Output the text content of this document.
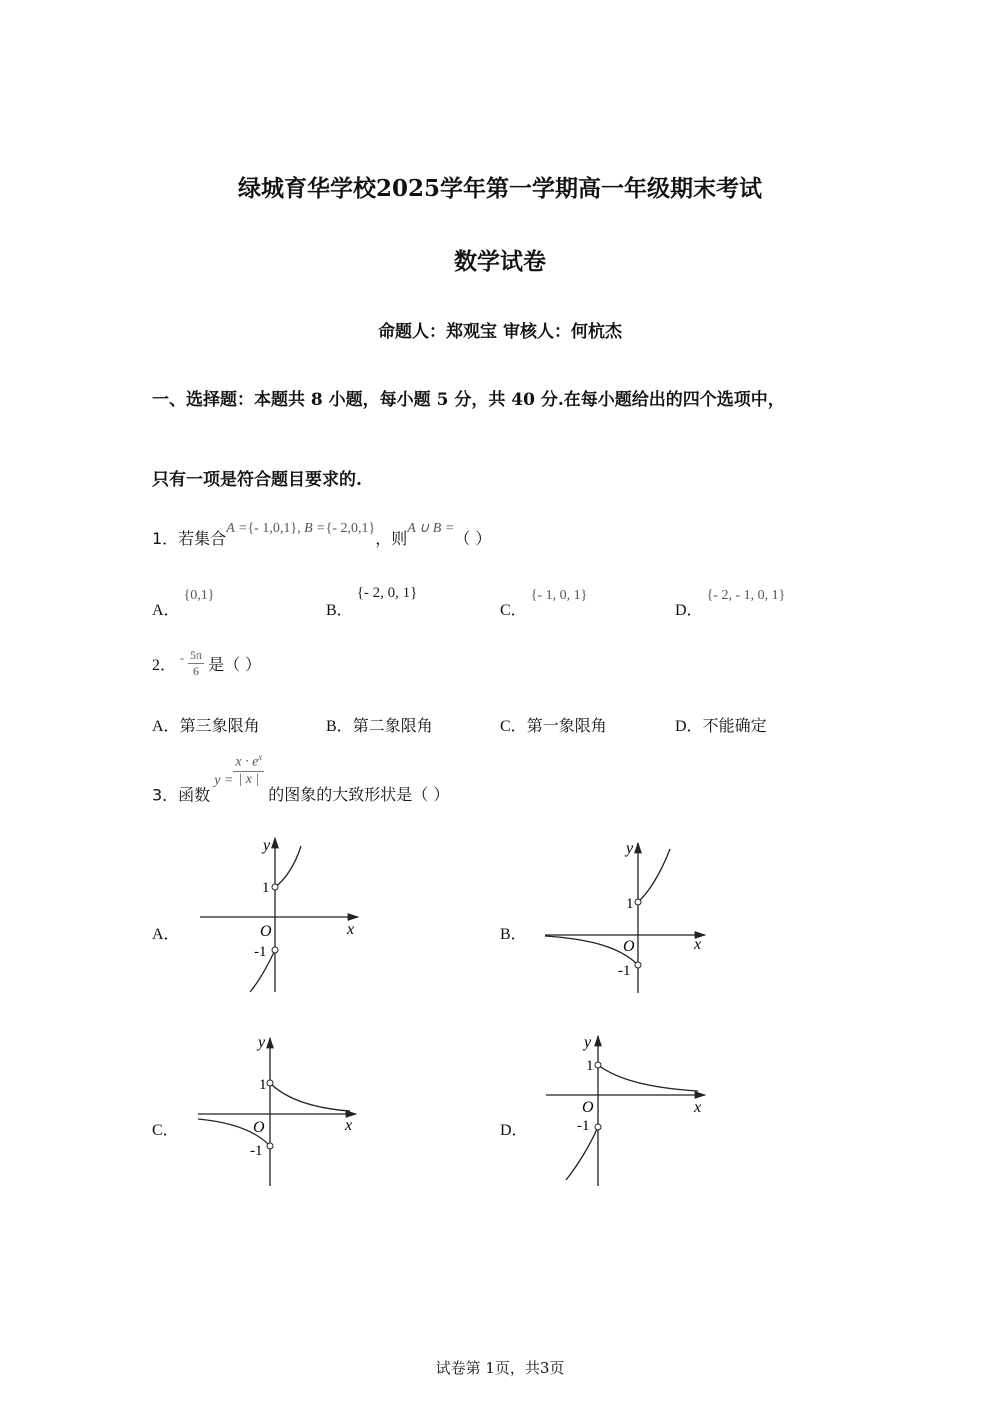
绿城育华学校2025学年第一学期高一年级期末考试
数学试卷
命题人：郑观宝 审核人：何杭杰
一、选择题：本题共 8 小题，每小题 5 分，共 40 分.在每小题给出的四个选项中，
只有一项是符合题目要求的.
1．若集合A ={- 1,0,1}, B ={- 2,0,1}，则A ∪ B =（ ）
A．{0,1}
B．{- 2, 0, 1}
C．{- 1, 0, 1}
D．{- 2, - 1, 0, 1}
2． $^- \frac{5\pi}{6}$ 是（ ）
A．第三象限角	B．第二象限角	C．第一象限角	D．不能确定
3．函数$y = \frac{x \cdot e^x}{| x |}$
的图象的大致形状是（ ）
A．	B．
C．	D．
y
x
O
1
-1
y
x
O
1
-1
y
x
O
1
-1
y
x
O
1
-1
试卷第 1页，共3页
